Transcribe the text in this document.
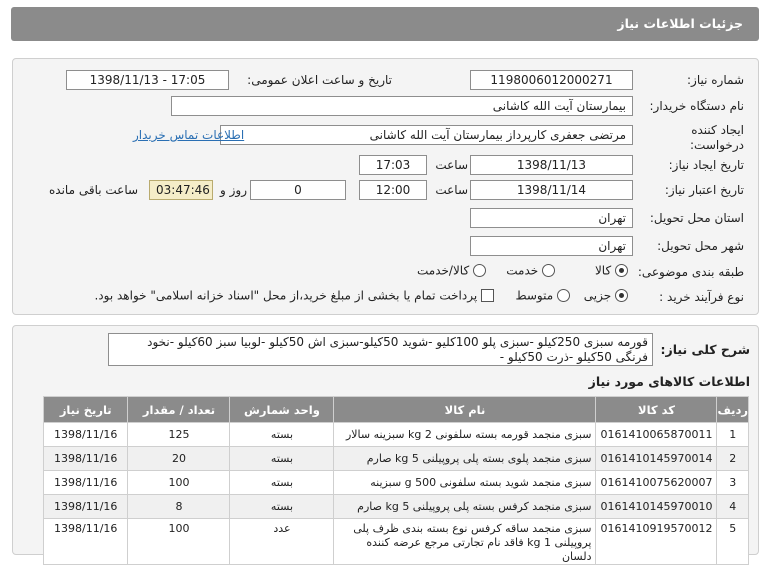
جزئیات اطلاعات نیاز
شماره نیاز:
1198006012000271
تاریخ و ساعت اعلان عمومی:
1398/11/13 - 17:05
نام دستگاه خریدار:
بیمارستان آیت الله کاشانی
ایجاد کننده درخواست:
مرتضی جعفری کارپرداز بیمارستان آیت الله کاشانی
اطلاعات تماس خریدار
تاریخ ایجاد نیاز:
1398/11/13
ساعت
17:03
تاریخ اعتبار نیاز:
1398/11/14
ساعت
12:00
0
روز و
03:47:46
ساعت باقی مانده
استان محل تحویل:
تهران
شهر محل تحویل:
تهران
طبقه بندی موضوعی:
کالا
خدمت
کالا/خدمت
نوع فرآیند خرید :
جزیی
متوسط
پرداخت تمام یا بخشی از مبلغ خرید،از محل "اسناد خزانه اسلامی" خواهد بود.
شرح کلی نیاز:
قورمه سبزی 250کیلو -سبزی پلو 100کلیو -شوید 50کیلو-سبزی اش 50کیلو -لوبیا سبز 60کیلو -نخود فرنگی 50کیلو -ذرت 50کیلو -
اطلاعات کالاهای مورد نیاز
ردیف	کد کالا	نام کالا	واحد شمارش	تعداد / مقدار	تاریخ نیاز
1	0161410065870011	سبزی منجمد قورمه بسته سلفونی 2 kg سبزینه سالار	بسته	125	1398/11/16
2	0161410145970014	سبزی منجمد پلوی بسته پلی پروپیلنی 5 kg صارم	بسته	20	1398/11/16
3	0161410075620007	سبزی منجمد شوید بسته سلفونی 500 g سبزینه	بسته	100	1398/11/16
4	0161410145970010	سبزی منجمد کرفس بسته پلی پروپیلنی 5 kg صارم	بسته	8	1398/11/16
5	0161410919570012	سبزی منجمد ساقه کرفس نوع بسته بندی ظرف پلی پروپیلنی 1 kg فاقد نام تجارتی مرجع عرضه کننده دلسان	عدد	100	1398/11/16
